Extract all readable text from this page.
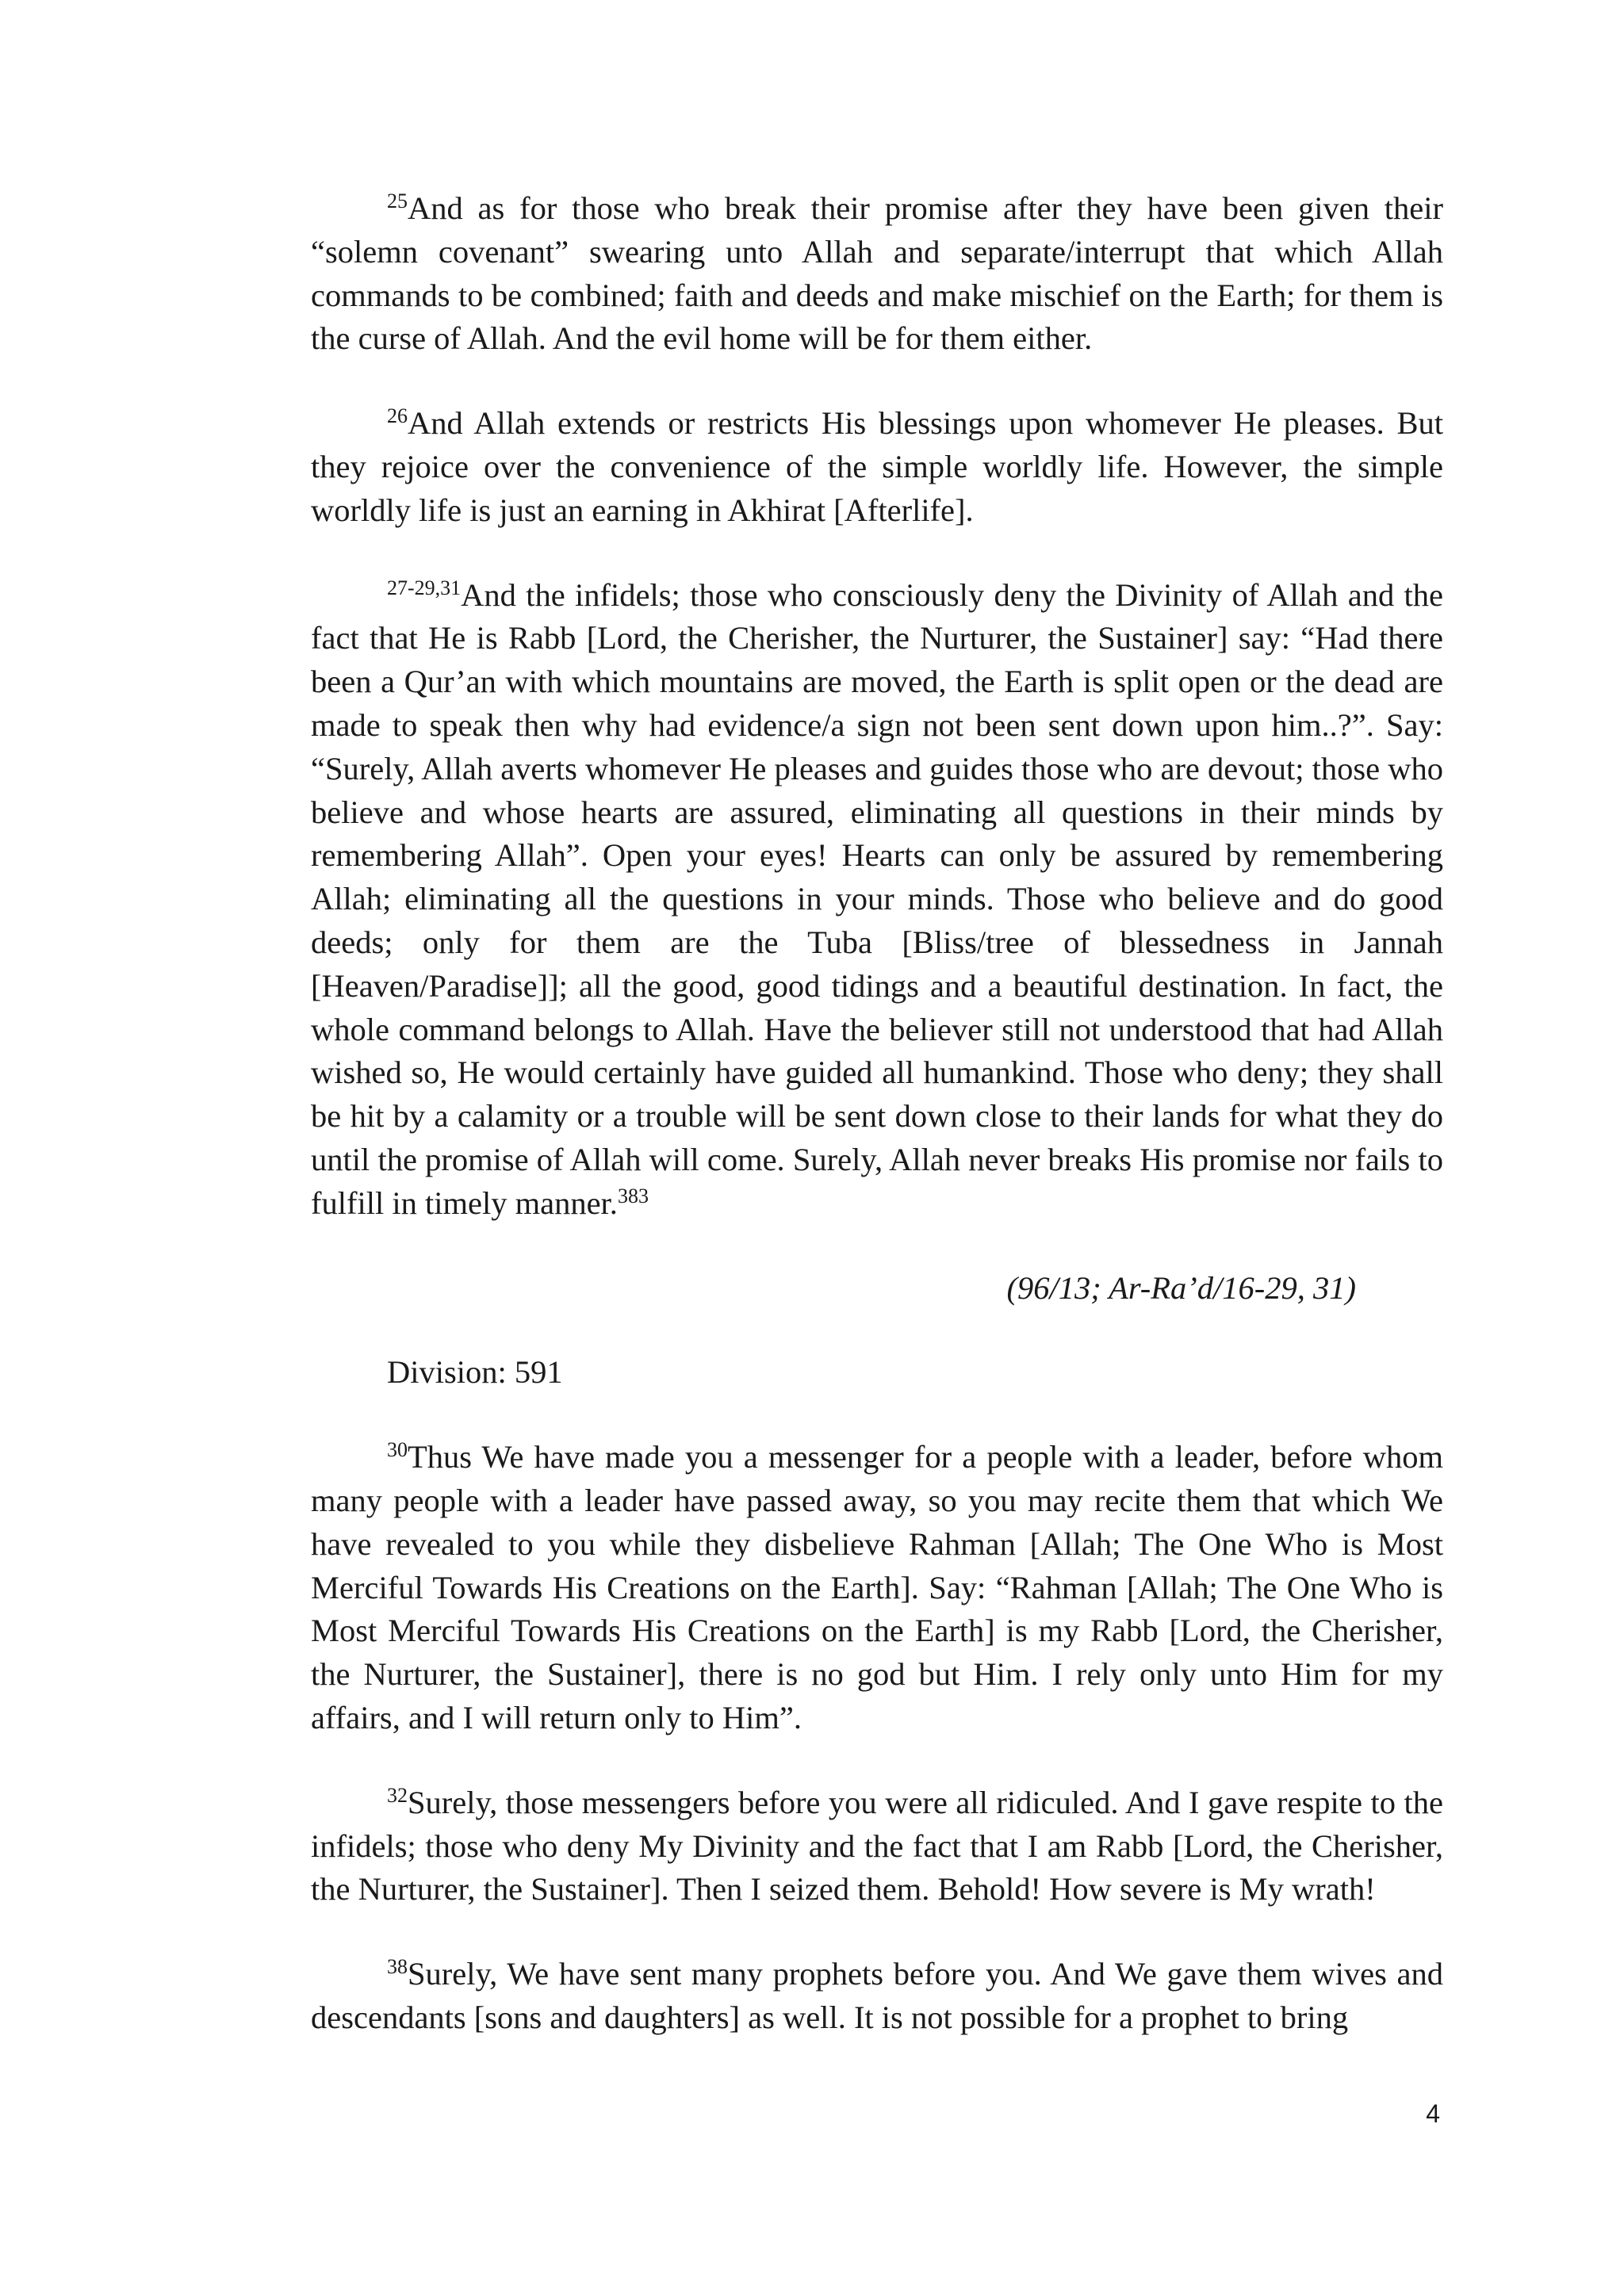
$^{25}$And as for those who break their promise after they have been given their “solemn covenant” swearing unto Allah and separate/interrupt that which Allah commands to be combined; faith and deeds and make mischief on the Earth; for them is the curse of Allah. And the evil home will be for them either.

$^{26}$And Allah extends or restricts His blessings upon whomever He pleases. But they rejoice over the convenience of the simple worldly life. However, the simple worldly life is just an earning in Akhirat [Afterlife].

$^{27-29,31}$And the infidels; those who consciously deny the Divinity of Allah and the fact that He is Rabb [Lord, the Cherisher, the Nurturer, the Sustainer] say: “Had there been a Qur’an with which mountains are moved, the Earth is split open or the dead are made to speak then why had evidence/a sign not been sent down upon him..?”. Say: “Surely, Allah averts whomever He pleases and guides those who are devout; those who believe and whose hearts are assured, eliminating all questions in their minds by remembering Allah”. Open your eyes! Hearts can only be assured by remembering Allah; eliminating all the questions in your minds. Those who believe and do good deeds; only for them are the Tuba [Bliss/tree of blessedness in Jannah [Heaven/Paradise]]; all the good, good tidings and a beautiful destination. In fact, the whole command belongs to Allah. Have the believer still not understood that had Allah wished so, He would certainly have guided all humankind. Those who deny; they shall be hit by a calamity or a trouble will be sent down close to their lands for what they do until the promise of Allah will come. Surely, Allah never breaks His promise nor fails to fulfill in timely manner.$^{383}$

(96/13; Ar-Ra’d/16-29, 31)

Division: 591

$^{30}$Thus We have made you a messenger for a people with a leader, before whom many people with a leader have passed away, so you may recite them that which We have revealed to you while they disbelieve Rahman [Allah; The One Who is Most Merciful Towards His Creations on the Earth]. Say: “Rahman [Allah; The One Who is Most Merciful Towards His Creations on the Earth] is my Rabb [Lord, the Cherisher, the Nurturer, the Sustainer], there is no god but Him. I rely only unto Him for my affairs, and I will return only to Him”.

$^{32}$Surely, those messengers before you were all ridiculed. And I gave respite to the infidels; those who deny My Divinity and the fact that I am Rabb [Lord, the Cherisher, the Nurturer, the Sustainer]. Then I seized them. Behold! How severe is My wrath!

$^{38}$Surely, We have sent many prophets before you. And We gave them wives and descendants [sons and daughters] as well. It is not possible for a prophet to bring

4
